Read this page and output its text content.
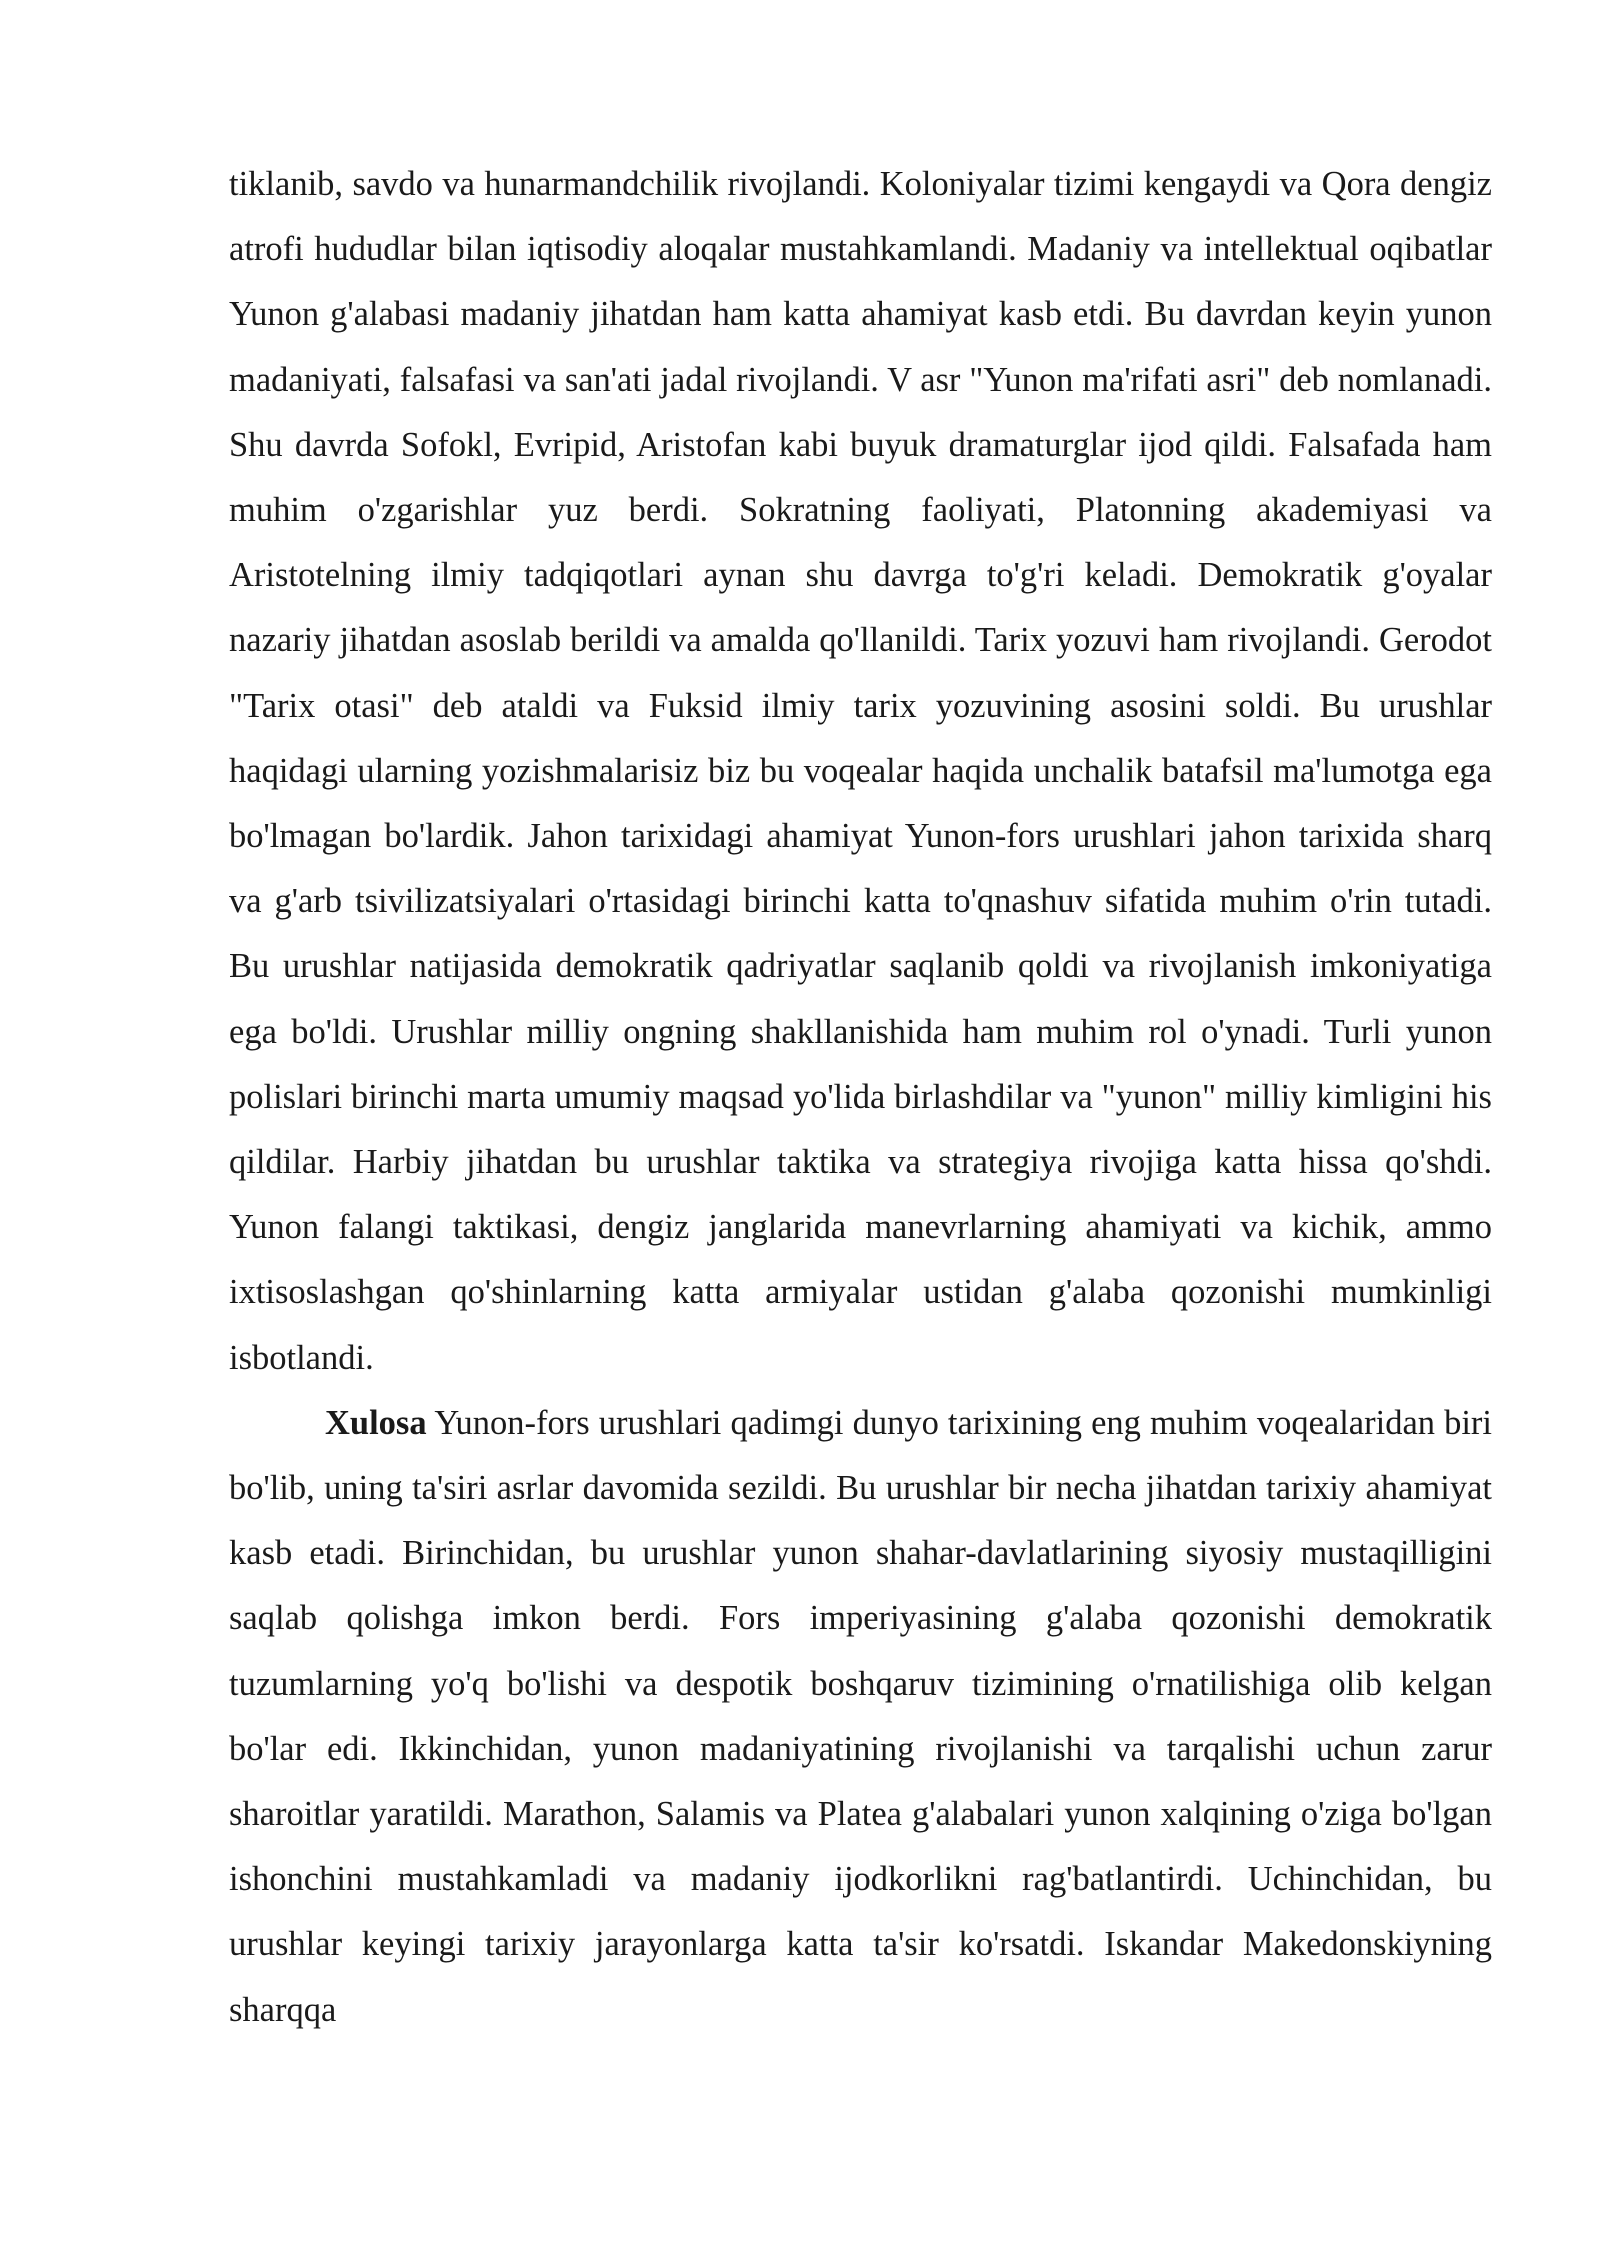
tiklanib, savdo va hunarmandchilik rivojlandi. Koloniyalar tizimi kengaydi va Qora dengiz atrofi hududlar bilan iqtisodiy aloqalar mustahkamlandi. Madaniy va intellektual oqibatlar Yunon g'alabasi madaniy jihatdan ham katta ahamiyat kasb etdi. Bu davrdan keyin yunon madaniyati, falsafasi va san'ati jadal rivojlandi. V asr "Yunon ma'rifati asri" deb nomlanadi. Shu davrda Sofokl, Evripid, Aristofan kabi buyuk dramaturglar ijod qildi. Falsafada ham muhim o'zgarishlar yuz berdi. Sokratning faoliyati, Platonning akademiyasi va Aristotelning ilmiy tadqiqotlari aynan shu davrga to'g'ri keladi. Demokratik g'oyalar nazariy jihatdan asoslab berildi va amalda qo'llanildi. Tarix yozuvi ham rivojlandi. Gerodot "Tarix otasi" deb ataldi va Fuksid ilmiy tarix yozuvining asosini soldi. Bu urushlar haqidagi ularning yozishmalarisiz biz bu voqealar haqida unchalik batafsil ma'lumotga ega bo'lmagan bo'lardik. Jahon tarixidagi ahamiyat Yunon-fors urushlari jahon tarixida sharq va g'arb tsivilizatsiyalari o'rtasidagi birinchi katta to'qnashuv sifatida muhim o'rin tutadi. Bu urushlar natijasida demokratik qadriyatlar saqlanib qoldi va rivojlanish imkoniyatiga ega bo'ldi. Urushlar milliy ongning shakllanishida ham muhim rol o'ynadi. Turli yunon polislari birinchi marta umumiy maqsad yo'lida birlashdilar va "yunon" milliy kimligini his qildilar. Harbiy jihatdan bu urushlar taktika va strategiya rivojiga katta hissa qo'shdi. Yunon falangi taktikasi, dengiz janglarida manevrlarning ahamiyati va kichik, ammo ixtisoslashgan qo'shinlarning katta armiyalar ustidan g'alaba qozonishi mumkinligi isbotlandi.

Xulosa Yunon-fors urushlari qadimgi dunyo tarixining eng muhim voqealaridan biri bo'lib, uning ta'siri asrlar davomida sezildi. Bu urushlar bir necha jihatdan tarixiy ahamiyat kasb etadi. Birinchidan, bu urushlar yunon shahar-davlatlarining siyosiy mustaqilligini saqlab qolishga imkon berdi. Fors imperiyasining g'alaba qozonishi demokratik tuzumlarning yo'q bo'lishi va despotik boshqaruv tizimining o'rnatilishiga olib kelgan bo'lar edi. Ikkinchidan, yunon madaniyatining rivojlanishi va tarqalishi uchun zarur sharoitlar yaratildi. Marathon, Salamis va Platea g'alabalari yunon xalqining o'ziga bo'lgan ishonchini mustahkamladi va madaniy ijodkorlikni rag'batlantirdi. Uchinchidan, bu urushlar keyingi tarixiy jarayonlarga katta ta'sir ko'rsatdi. Iskandar Makedonskiyning sharqqa
